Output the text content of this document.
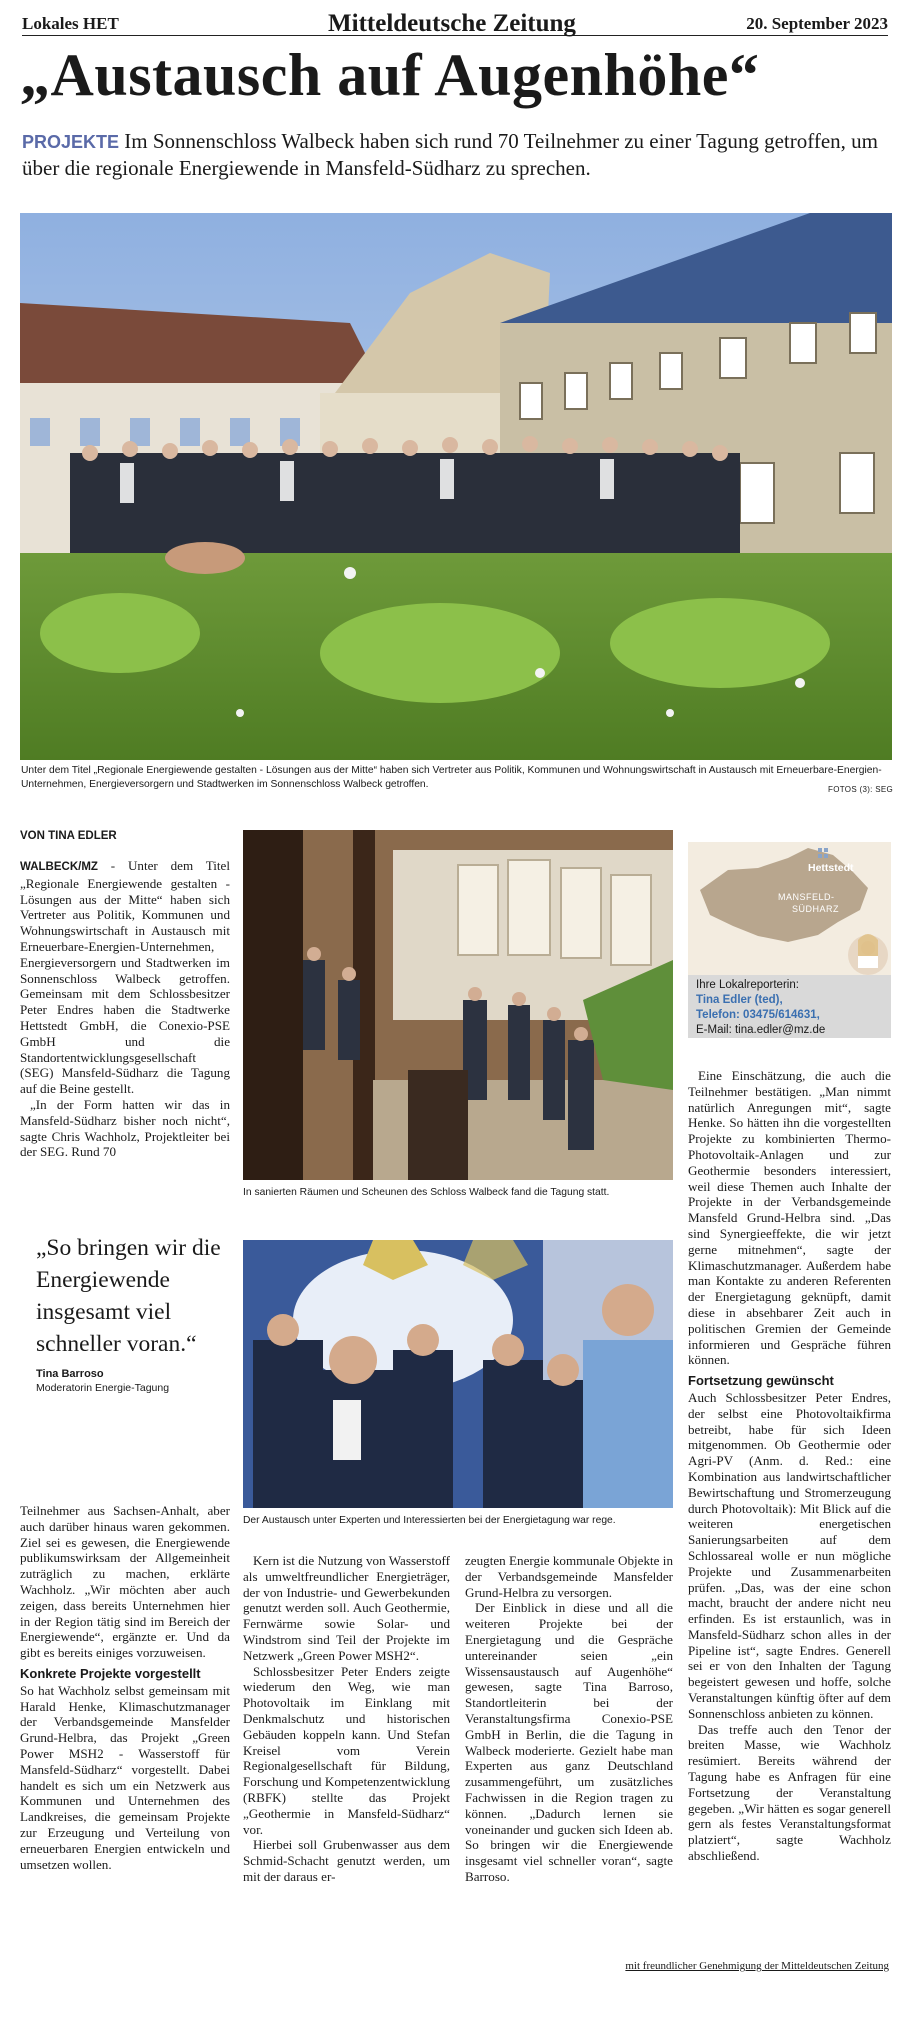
Lokales HET	Mitteldeutsche Zeitung	20. September 2023
„Austausch auf Augenhöhe“
PROJEKTE Im Sonnenschloss Walbeck haben sich rund 70 Teilnehmer zu einer Tagung getroffen, um über die regionale Energiewende in Mansfeld-Südharz zu sprechen.
Unter dem Titel „Regionale Energiewende gestalten - Lösungen aus der Mitte“ haben sich Vertreter aus Politik, Kommunen und Wohnungswirtschaft in Austausch mit Erneuerbare-Energien-Unternehmen, Energieversorgern und Stadtwerken im Sonnenschloss Walbeck getroffen.	FOTOS (3): SEG
VON TINA EDLER

WALBECK/MZ - Unter dem Titel „Regionale Energiewende gestalten - Lösungen aus der Mitte“ haben sich Vertreter aus Politik, Kommunen und Wohnungswirtschaft in Austausch mit Erneuerbare-Energien-Unternehmen, Energieversorgern und Stadtwerken im Sonnenschloss Walbeck getroffen. Gemeinsam mit dem Schlossbesitzer Peter Endres haben die Stadtwerke Hettstedt GmbH, die Conexio-PSE GmbH und die Standortentwicklungsgesellschaft (SEG) Mansfeld-Südharz die Tagung auf die Beine gestellt.

„In der Form hatten wir das in Mansfeld-Südharz bisher noch nicht“, sagte Chris Wachholz, Projektleiter bei der SEG. Rund 70

„So bringen wir die Energiewende insgesamt viel schneller voran.“
Tina Barroso
Moderatorin Energie-Tagung

Teilnehmer aus Sachsen-Anhalt, aber auch darüber hinaus waren gekommen. Ziel sei es gewesen, die Energiewende publikumswirksam der Allgemeinheit zuträglich zu machen, erklärte Wachholz. „Wir möchten aber auch zeigen, dass bereits Unternehmen hier in der Region tätig sind im Bereich der Energiewende“, ergänzte er. Und da gibt es bereits einiges vorzuweisen.

Konkrete Projekte vorgestellt

So hat Wachholz selbst gemeinsam mit Harald Henke, Klimaschutzmanager der Verbandsgemeinde Mansfelder Grund-Helbra, das Projekt „Green Power MSH2 - Wasserstoff für Mansfeld-Südharz“ vorgestellt. Dabei handelt es sich um ein Netzwerk aus Kommunen und Unternehmen des Landkreises, die gemeinsam Projekte zur Erzeugung und Verteilung von erneuerbaren Energien entwickeln und umsetzen wollen.

In sanierten Räumen und Scheunen des Schloss Walbeck fand die Tagung statt.
Der Austausch unter Experten und Interessierten bei der Energietagung war rege.

Kern ist die Nutzung von Wasserstoff als umweltfreundlicher Energieträger, der von Industrie- und Gewerbekunden genutzt werden soll. Auch Geothermie, Fernwärme sowie Solar- und Windstrom sind Teil der Projekte im Netzwerk „Green Power MSH2“.

Schlossbesitzer Peter Enders zeigte wiederum den Weg, wie man Photovoltaik im Einklang mit Denkmalschutz und historischen Gebäuden koppeln kann. Und Stefan Kreisel vom Verein Regionalgesellschaft für Bildung, Forschung und Kompetenzentwicklung (RBFK) stellte das Projekt „Geothermie in Mansfeld-Südharz“ vor.

Hierbei soll Grubenwasser aus dem Schmid-Schacht genutzt werden, um mit der daraus er-

zeugten Energie kommunale Objekte in der Verbandsgemeinde Mansfelder Grund-Helbra zu versorgen.

Der Einblick in diese und all die weiteren Projekte bei der Energietagung und die Gespräche untereinander seien „ein Wissensaustausch auf Augenhöhe“ gewesen, sagte Tina Barroso, Standortleiterin bei der Veranstaltungsfirma Conexio-PSE GmbH in Berlin, die die Tagung in Walbeck moderierte. Gezielt habe man Experten aus ganz Deutschland zusammengeführt, um zusätzliches Fachwissen in die Region tragen zu können. „Dadurch lernen sie voneinander und gucken sich Ideen ab. So bringen wir die Energiewende insgesamt viel schneller voran“, sagte Barroso.

Hettstedt
MANSFELD-
SÜDHARZ
Ihre Lokalreporterin:
Tina Edler (ted),
Telefon: 03475/614631,
E-Mail: tina.edler@mz.de

Eine Einschätzung, die auch die Teilnehmer bestätigen. „Man nimmt natürlich Anregungen mit“, sagte Henke. So hätten ihn die vorgestellten Projekte zu kombinierten Thermo-Photovoltaik-Anlagen und zur Geothermie besonders interessiert, weil diese Themen auch Inhalte der Projekte in der Verbandsgemeinde Mansfeld Grund-Helbra sind. „Das sind Synergieeffekte, die wir jetzt gerne mitnehmen“, sagte der Klimaschutzmanager. Außerdem habe man Kontakte zu anderen Referenten der Energietagung geknüpft, damit diese in absehbarer Zeit auch in politischen Gremien der Gemeinde informieren und Gespräche führen können.

Fortsetzung gewünscht

Auch Schlossbesitzer Peter Endres, der selbst eine Photovoltaikfirma betreibt, habe für sich Ideen mitgenommen. Ob Geothermie oder Agri-PV (Anm. d. Red.: eine Kombination aus landwirtschaftlicher Bewirtschaftung und Stromerzeugung durch Photovoltaik): Mit Blick auf die weiteren energetischen Sanierungsarbeiten auf dem Schlossareal wolle er nun mögliche Projekte und Zusammenarbeiten prüfen. „Das, was der eine schon macht, braucht der andere nicht neu erfinden. Es ist erstaunlich, was in Mansfeld-Südharz schon alles in der Pipeline ist“, sagte Endres. Generell sei er von den Inhalten der Tagung begeistert gewesen und hoffe, solche Veranstaltungen künftig öfter auf dem Sonnenschloss anbieten zu können.

Das treffe auch den Tenor der breiten Masse, wie Wachholz resümiert. Bereits während der Tagung habe es Anfragen für eine Fortsetzung der Veranstaltung gegeben. „Wir hätten es sogar generell gern als festes Veranstaltungsformat platziert“, sagte Wachholz abschließend.

mit freundlicher Genehmigung der Mitteldeutschen Zeitung
